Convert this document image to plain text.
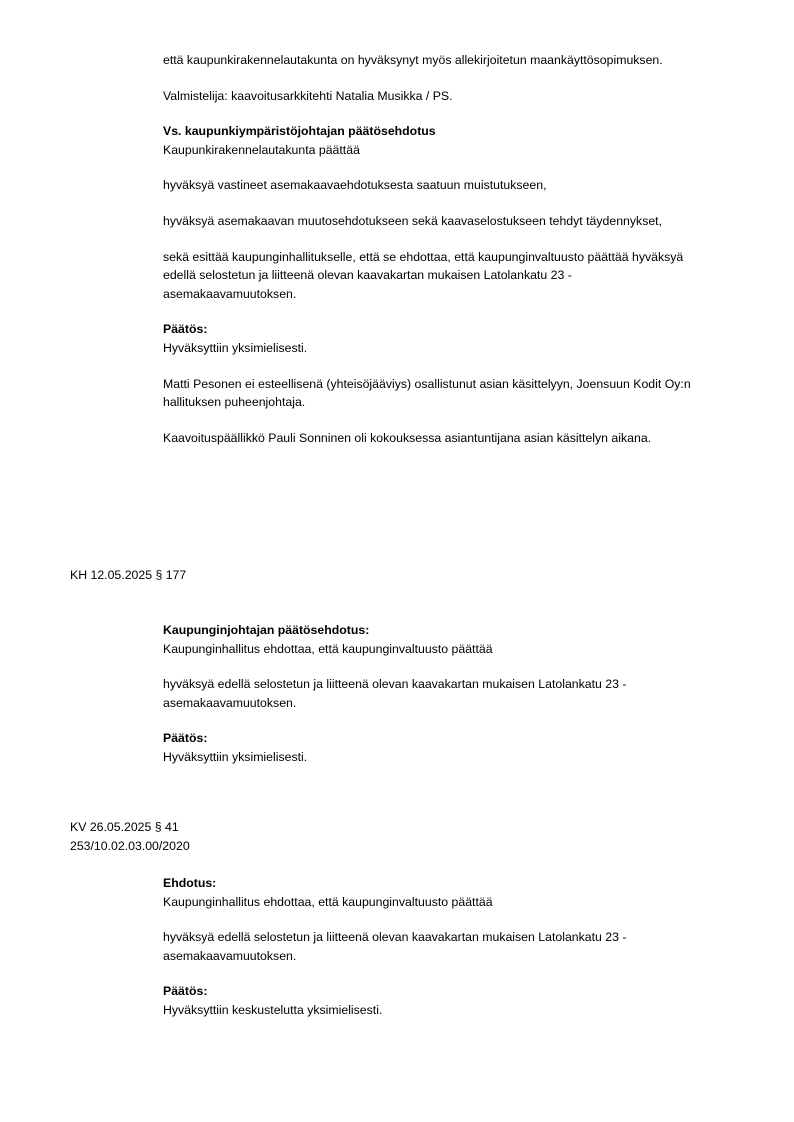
että kaupunkirakennelautakunta on hyväksynyt myös allekirjoitetun maankäyttösopimuksen.

Valmistelija: kaavoitusarkkitehti Natalia Musikka / PS.

Vs. kaupunkiympäristöjohtajan päätösehdotus

Kaupunkirakennelautakunta päättää

hyväksyä vastineet asemakaavaehdotuksesta saatuun muistutukseen,

hyväksyä asemakaavan muutosehdotukseen sekä kaavaselostukseen tehdyt täydennykset,

sekä esittää kaupunginhallitukselle, että se ehdottaa, että kaupunginvaltuusto päättää hyväksyä edellä selostetun ja liitteenä olevan kaavakartan mukaisen Latolankatu 23 -asemakaavamuutoksen.

Päätös:

Hyväksyttiin yksimielisesti.

Matti Pesonen ei esteellisenä (yhteisöjääviys) osallistunut asian käsittelyyn, Joensuun Kodit Oy:n hallituksen puheenjohtaja.

Kaavoituspäällikkö Pauli Sonninen oli kokouksessa asiantuntijana asian käsittelyn aikana.

KH 12.05.2025 § 177

Kaupunginjohtajan päätösehdotus:

Kaupunginhallitus ehdottaa, että kaupunginvaltuusto päättää

hyväksyä edellä selostetun ja liitteenä olevan kaavakartan mukaisen Latolankatu 23 -asemakaavamuutoksen.

Päätös:

Hyväksyttiin yksimielisesti.

KV 26.05.2025 § 41

253/10.02.03.00/2020

Ehdotus:

Kaupunginhallitus ehdottaa, että kaupunginvaltuusto päättää

hyväksyä edellä selostetun ja liitteenä olevan kaavakartan mukaisen Latolankatu 23 -asemakaavamuutoksen.

Päätös:

Hyväksyttiin keskustelutta yksimielisesti.
